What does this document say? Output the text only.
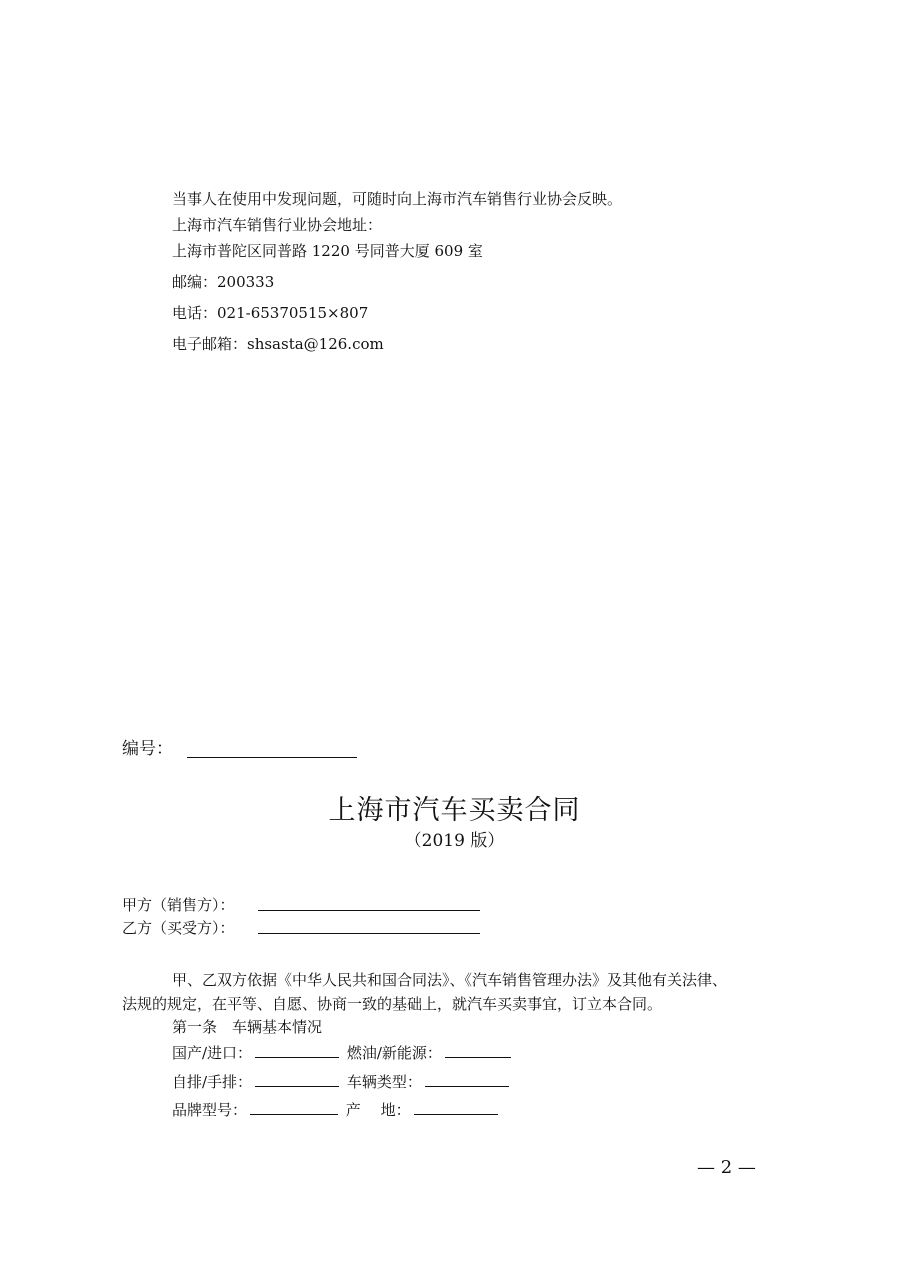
当事人在使用中发现问题，可随时向上海市汽车销售行业协会反映。
上海市汽车销售行业协会地址：
上海市普陀区同普路 1220 号同普大厦 609 室
邮编：200333
电话：021-65370515×807
电子邮箱：shsasta@126.com
编号：
上海市汽车买卖合同
（2019 版）
甲方（销售方）：
乙方（买受方）：
甲、乙双方依据《中华人民共和国合同法》、《汽车销售管理办法》及其他有关法律、
法规的规定，在平等、自愿、协商一致的基础上，就汽车买卖事宜，订立本合同。
第一条　车辆基本情况
国产/进口：	燃油/新能源：
自排/手排：	车辆类型：
品牌型号：	产　 地：
— 2 —
